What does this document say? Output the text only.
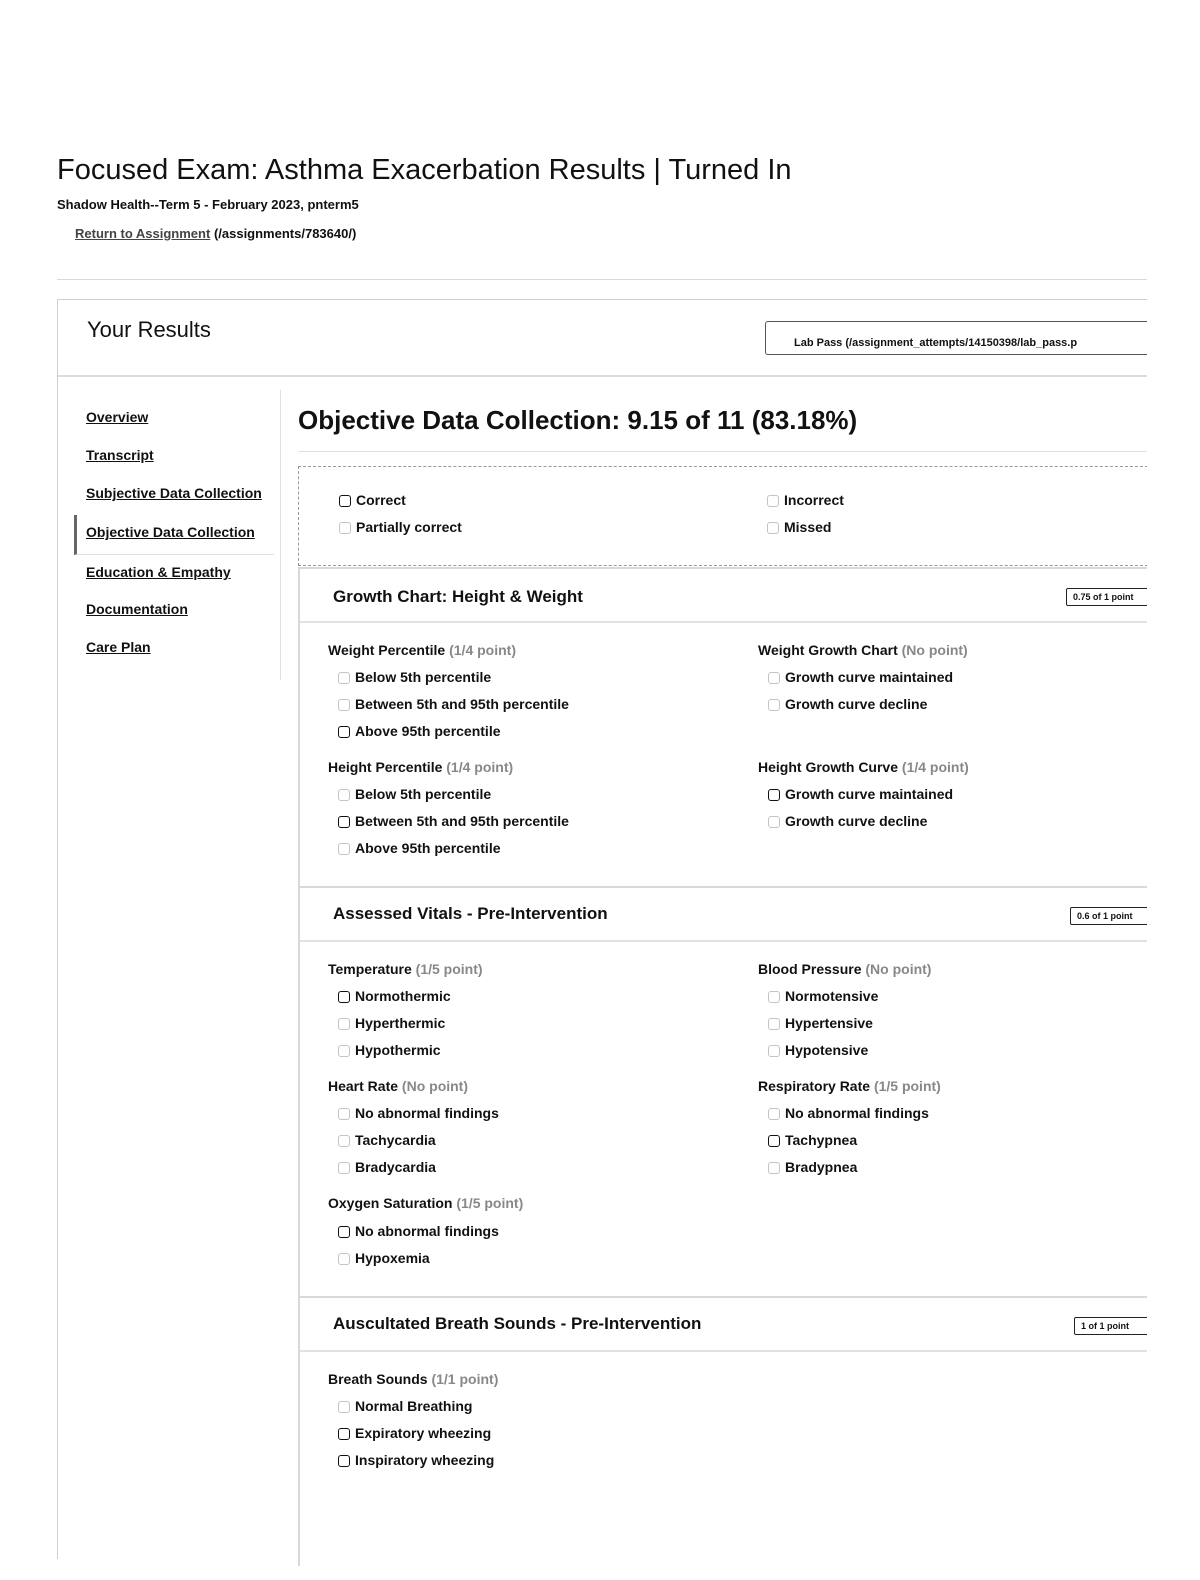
Focused Exam: Asthma Exacerbation Results | Turned In
Shadow Health--Term 5 - February 2023, pnterm5
Return to Assignment (/assignments/783640/)
Your Results
Lab Pass (/assignment_attempts/14150398/lab_pass.p
Overview
Transcript
Subjective Data Collection
Objective Data Collection
Education & Empathy
Documentation
Care Plan
Objective Data Collection: 9.15 of 11 (83.18%)
Correct	Incorrect
Partially correct	Missed
Growth Chart: Height & Weight	0.75 of 1 point
Weight Percentile (1/4 point)
Below 5th percentile
Between 5th and 95th percentile
Above 95th percentile
Weight Growth Chart (No point)
Growth curve maintained
Growth curve decline
Height Percentile (1/4 point)
Below 5th percentile
Between 5th and 95th percentile
Above 95th percentile
Height Growth Curve (1/4 point)
Growth curve maintained
Growth curve decline
Assessed Vitals - Pre-Intervention	0.6 of 1 point
Temperature (1/5 point)
Normothermic
Hyperthermic
Hypothermic
Blood Pressure (No point)
Normotensive
Hypertensive
Hypotensive
Heart Rate (No point)
No abnormal findings
Tachycardia
Bradycardia
Respiratory Rate (1/5 point)
No abnormal findings
Tachypnea
Bradypnea
Oxygen Saturation (1/5 point)
No abnormal findings
Hypoxemia
Auscultated Breath Sounds - Pre-Intervention	1 of 1 point
Breath Sounds (1/1 point)
Normal Breathing
Expiratory wheezing
Inspiratory wheezing
